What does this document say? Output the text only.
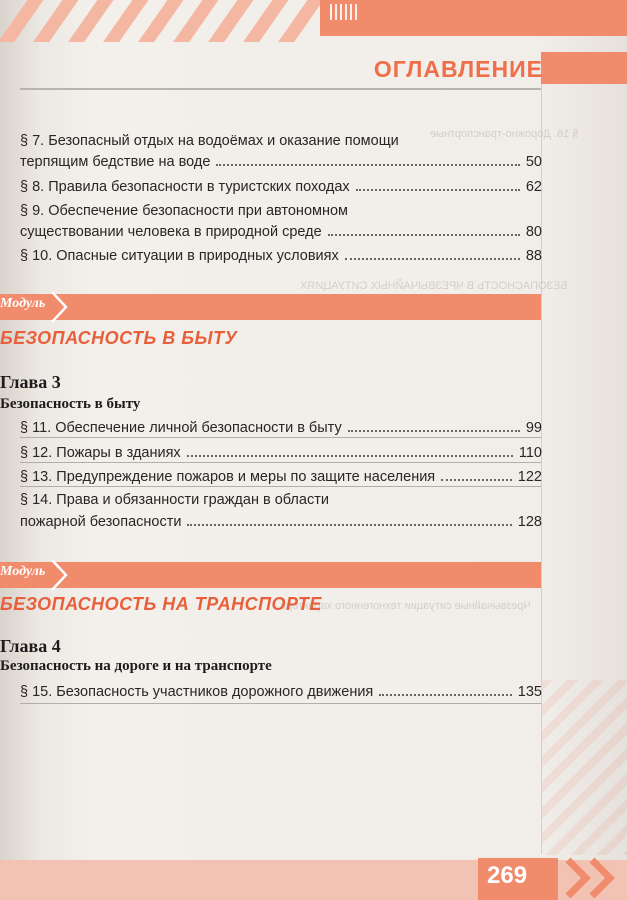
ОГЛАВЛЕНИЕ
§ 16. Дорожно-транспортные
БЕЗОПАСНОСТЬ В ЧРЕЗВЫЧАЙНЫХ СИТУАЦИЯХ
Чрезвычайные ситуации техногенного характера
§ 7. Безопасный отдых на водоёмах и оказание помощи
терпящим бедствие на воде	50
§ 8. Правила безопасности в туристских походах	62
§ 9. Обеспечение безопасности при автономном
существовании человека в природной среде	80
§ 10. Опасные ситуации в природных условиях	88
Модуль
БЕЗОПАСНОСТЬ В БЫТУ
Глава 3
Безопасность в быту
§ 11. Обеспечение личной безопасности в быту	99
§ 12. Пожары в зданиях	110
§ 13. Предупреждение пожаров и меры по защите населения	122
§ 14. Права и обязанности граждан в области
пожарной безопасности	128
Модуль
БЕЗОПАСНОСТЬ НА ТРАНСПОРТЕ
Глава 4
Безопасность на дороге и на транспорте
§ 15. Безопасность участников дорожного движения	135
269
